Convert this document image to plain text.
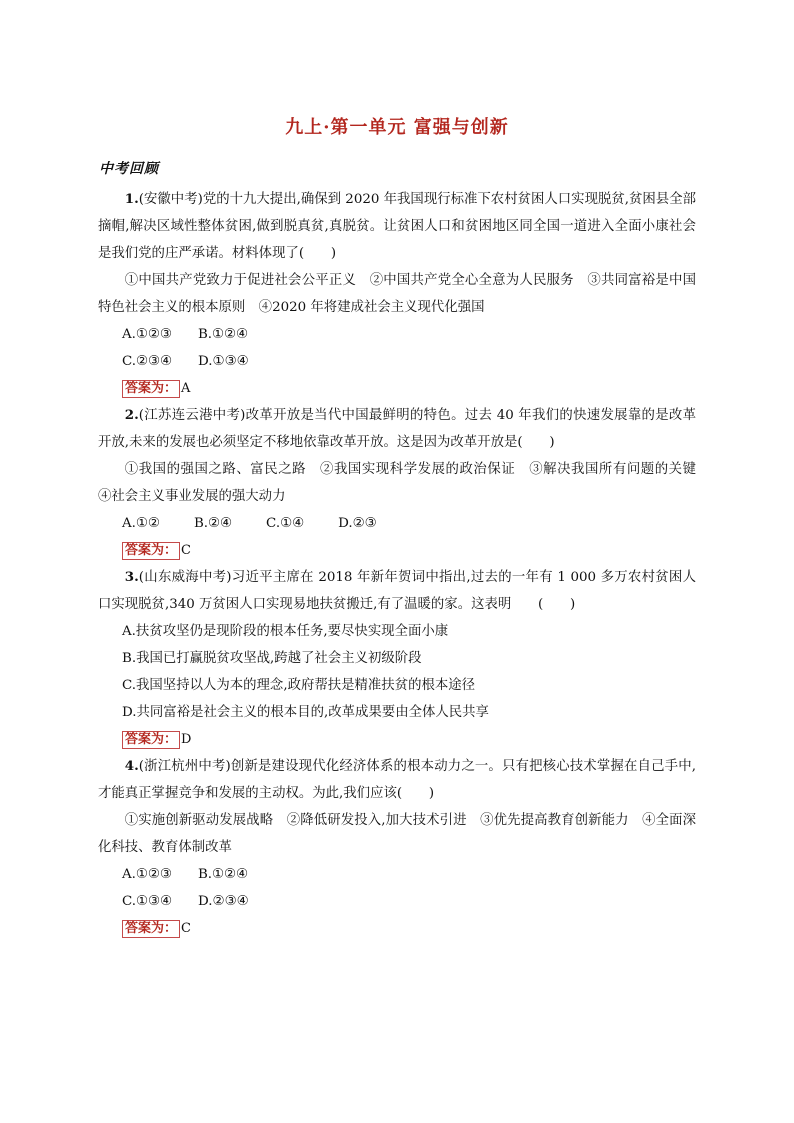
九上·第一单元 富强与创新
中考回顾

1.(安徽中考)党的十九大提出,确保到 2020 年我国现行标准下农村贫困人口实现脱贫,贫困县全部摘帽,解决区域性整体贫困,做到脱真贫,真脱贫。让贫困人口和贫困地区同全国一道进入全面小康社会是我们党的庄严承诺。材料体现了(　　)

①中国共产党致力于促进社会公平正义　②中国共产党全心全意为人民服务　③共同富裕是中国特色社会主义的根本原则　④2020 年将建成社会主义现代化强国

A.①②③ B.①②④

C.②③④ D.①③④

答案为： A

2.(江苏连云港中考)改革开放是当代中国最鲜明的特色。过去 40 年我们的快速发展靠的是改革开放,未来的发展也必须坚定不移地依靠改革开放。这是因为改革开放是(　　)

①我国的强国之路、富民之路　②我国实现科学发展的政治保证　③解决我国所有问题的关键　④社会主义事业发展的强大动力

A.①②	B.②④	C.①④	D.②③

答案为： C

3.(山东威海中考)习近平主席在 2018 年新年贺词中指出,过去的一年有 1 000 多万农村贫困人口实现脱贫,340 万贫困人口实现易地扶贫搬迁,有了温暖的家。这表明　　(　　)

A.扶贫攻坚仍是现阶段的根本任务,要尽快实现全面小康

B.我国已打赢脱贫攻坚战,跨越了社会主义初级阶段

C.我国坚持以人为本的理念,政府帮扶是精准扶贫的根本途径

D.共同富裕是社会主义的根本目的,改革成果要由全体人民共享

答案为： D

4.(浙江杭州中考)创新是建设现代化经济体系的根本动力之一。只有把核心技术掌握在自己手中,才能真正掌握竞争和发展的主动权。为此,我们应该(　　)

①实施创新驱动发展战略　②降低研发投入,加大技术引进　③优先提高教育创新能力　④全面深化科技、教育体制改革

A.①②③ B.①②④

C.①③④ D.②③④

答案为： C
